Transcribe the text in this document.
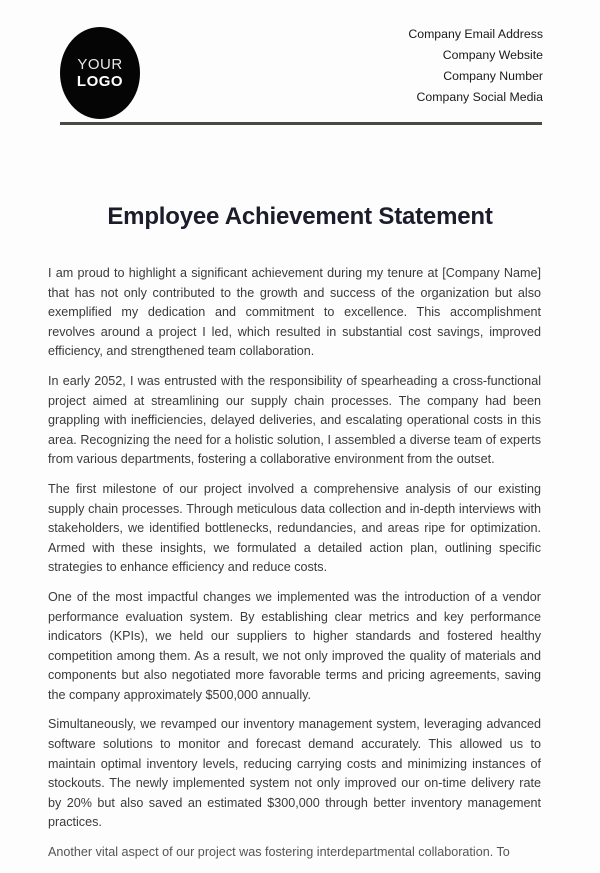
YOUR
LOGO
Company Email Address
Company Website
Company Number
Company Social Media
Employee Achievement Statement

I am proud to highlight a significant achievement during my tenure at [Company Name] that has not only contributed to the growth and success of the organization but also exemplified my dedication and commitment to excellence. This accomplishment revolves around a project I led, which resulted in substantial cost savings, improved efficiency, and strengthened team collaboration.

In early 2052, I was entrusted with the responsibility of spearheading a cross-functional project aimed at streamlining our supply chain processes. The company had been grappling with inefficiencies, delayed deliveries, and escalating operational costs in this area. Recognizing the need for a holistic solution, I assembled a diverse team of experts from various departments, fostering a collaborative environment from the outset.

The first milestone of our project involved a comprehensive analysis of our existing supply chain processes. Through meticulous data collection and in-depth interviews with stakeholders, we identified bottlenecks, redundancies, and areas ripe for optimization. Armed with these insights, we formulated a detailed action plan, outlining specific strategies to enhance efficiency and reduce costs.

One of the most impactful changes we implemented was the introduction of a vendor performance evaluation system. By establishing clear metrics and key performance indicators (KPIs), we held our suppliers to higher standards and fostered healthy competition among them. As a result, we not only improved the quality of materials and components but also negotiated more favorable terms and pricing agreements, saving the company approximately $500,000 annually.

Simultaneously, we revamped our inventory management system, leveraging advanced software solutions to monitor and forecast demand accurately. This allowed us to maintain optimal inventory levels, reducing carrying costs and minimizing instances of stockouts. The newly implemented system not only improved our on-time delivery rate by 20% but also saved an estimated $300,000 through better inventory management practices.

Another vital aspect of our project was fostering interdepartmental collaboration. To
